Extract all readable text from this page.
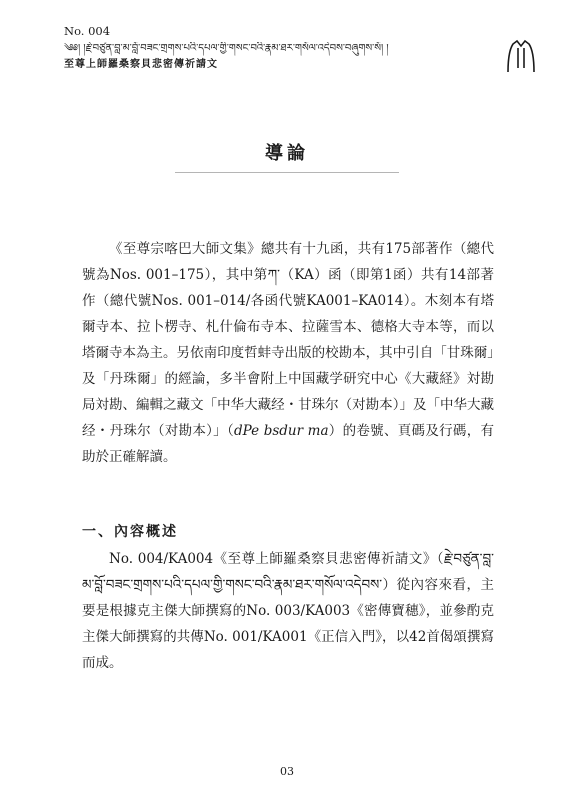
No. 004
༄༅། །རྗེ་བཙུན་བླ་མ་བློ་བཟང་གྲགས་པའི་དཔལ་གྱི་གསང་བའི་རྣམ་ཐར་གསོལ་འདེབས་བཞུགས་སོ། །
至尊上師羅桑察貝悲密傳祈請文
導論

《至尊宗喀巴大師文集》總共有十九函，共有175部著作（總代號為Nos. 001–175），其中第ཀ་（KA）函（即第1函）共有14部著作（總代號Nos. 001–014/各函代號KA001–KA014）。木刻本有塔爾寺本、拉卜楞寺、札什倫布寺本、拉薩雪本、德格大寺本等，而以塔爾寺本為主。另依南印度哲蚌寺出版的校勘本，其中引自「甘珠爾」及「丹珠爾」的經論，多半會附上中国藏学研究中心《大藏経》対勘局対勘、編輯之藏文「中华大藏经・甘珠尔（对勘本）」及「中华大藏经・丹珠尔（对勘本）」（dPe bsdur ma）的卷號、頁碼及行碼，有助於正確解讀。

一、內容概述

No. 004/KA004《至尊上師羅桑察貝悲密傳祈請文》（རྗེ་བཙུན་བླ་མ་བློ་བཟང་གྲགས་པའི་དཔལ་གྱི་གསང་བའི་རྣམ་ཐར་གསོལ་འདེབས་）從內容來看，主要是根據克主傑大師撰寫的No. 003/KA003《密傳寶穗》，並參酌克主傑大師撰寫的共傳No. 001/KA001《正信入門》，以42首偈頌撰寫而成。

03
